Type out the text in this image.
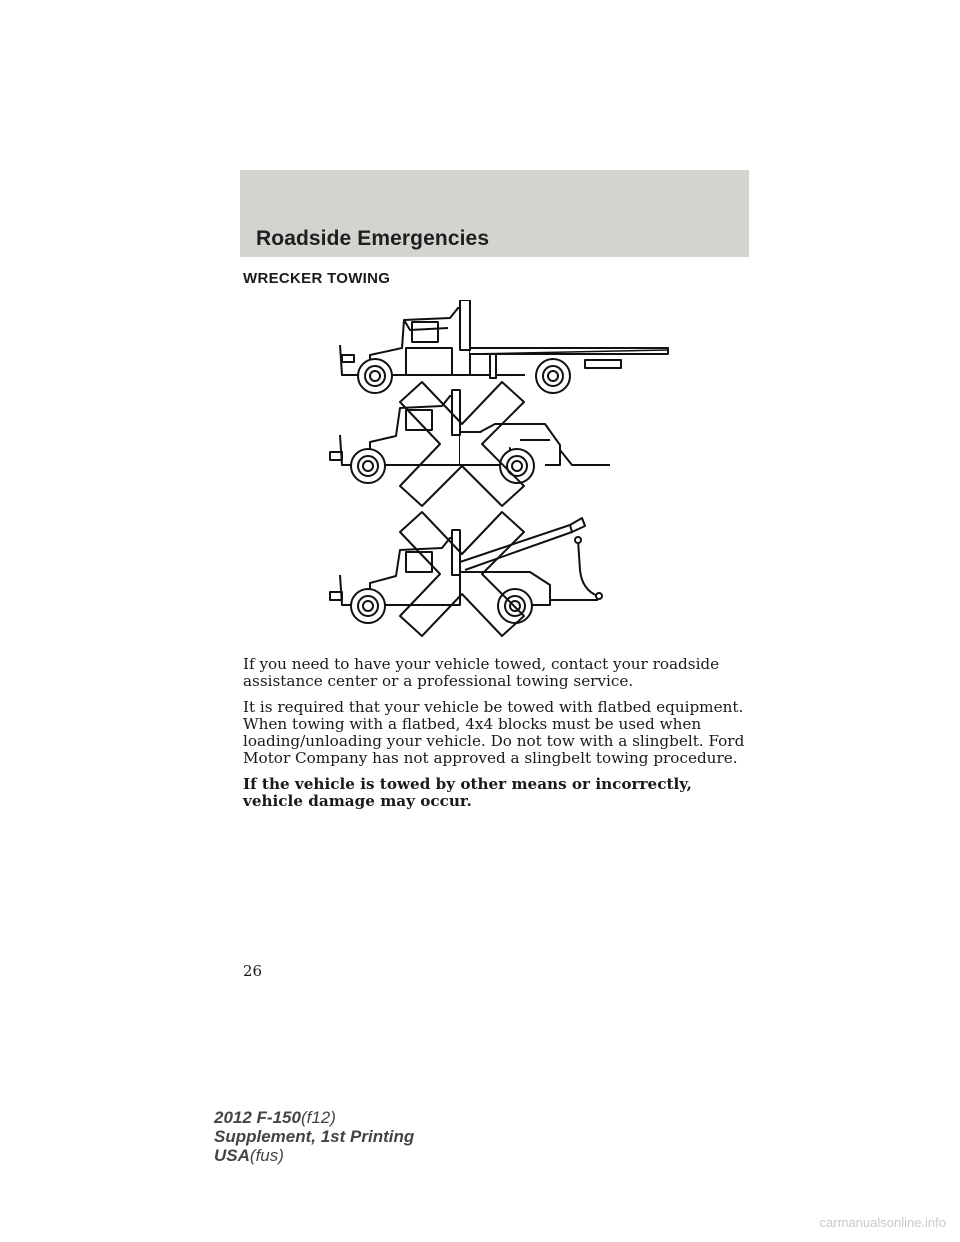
Roadside Emergencies
WRECKER TOWING

If you need to have your vehicle towed, contact your roadside assistance center or a professional towing service.

It is required that your vehicle be towed with flatbed equipment. When towing with a flatbed, 4x4 blocks must be used when loading/unloading your vehicle. Do not tow with a slingbelt. Ford Motor Company has not approved a slingbelt towing procedure.

If the vehicle is towed by other means or incorrectly, vehicle damage may occur.

26
2012 F-150(f12)
Supplement, 1st Printing
USA(fus)
carmanualsonline.info
